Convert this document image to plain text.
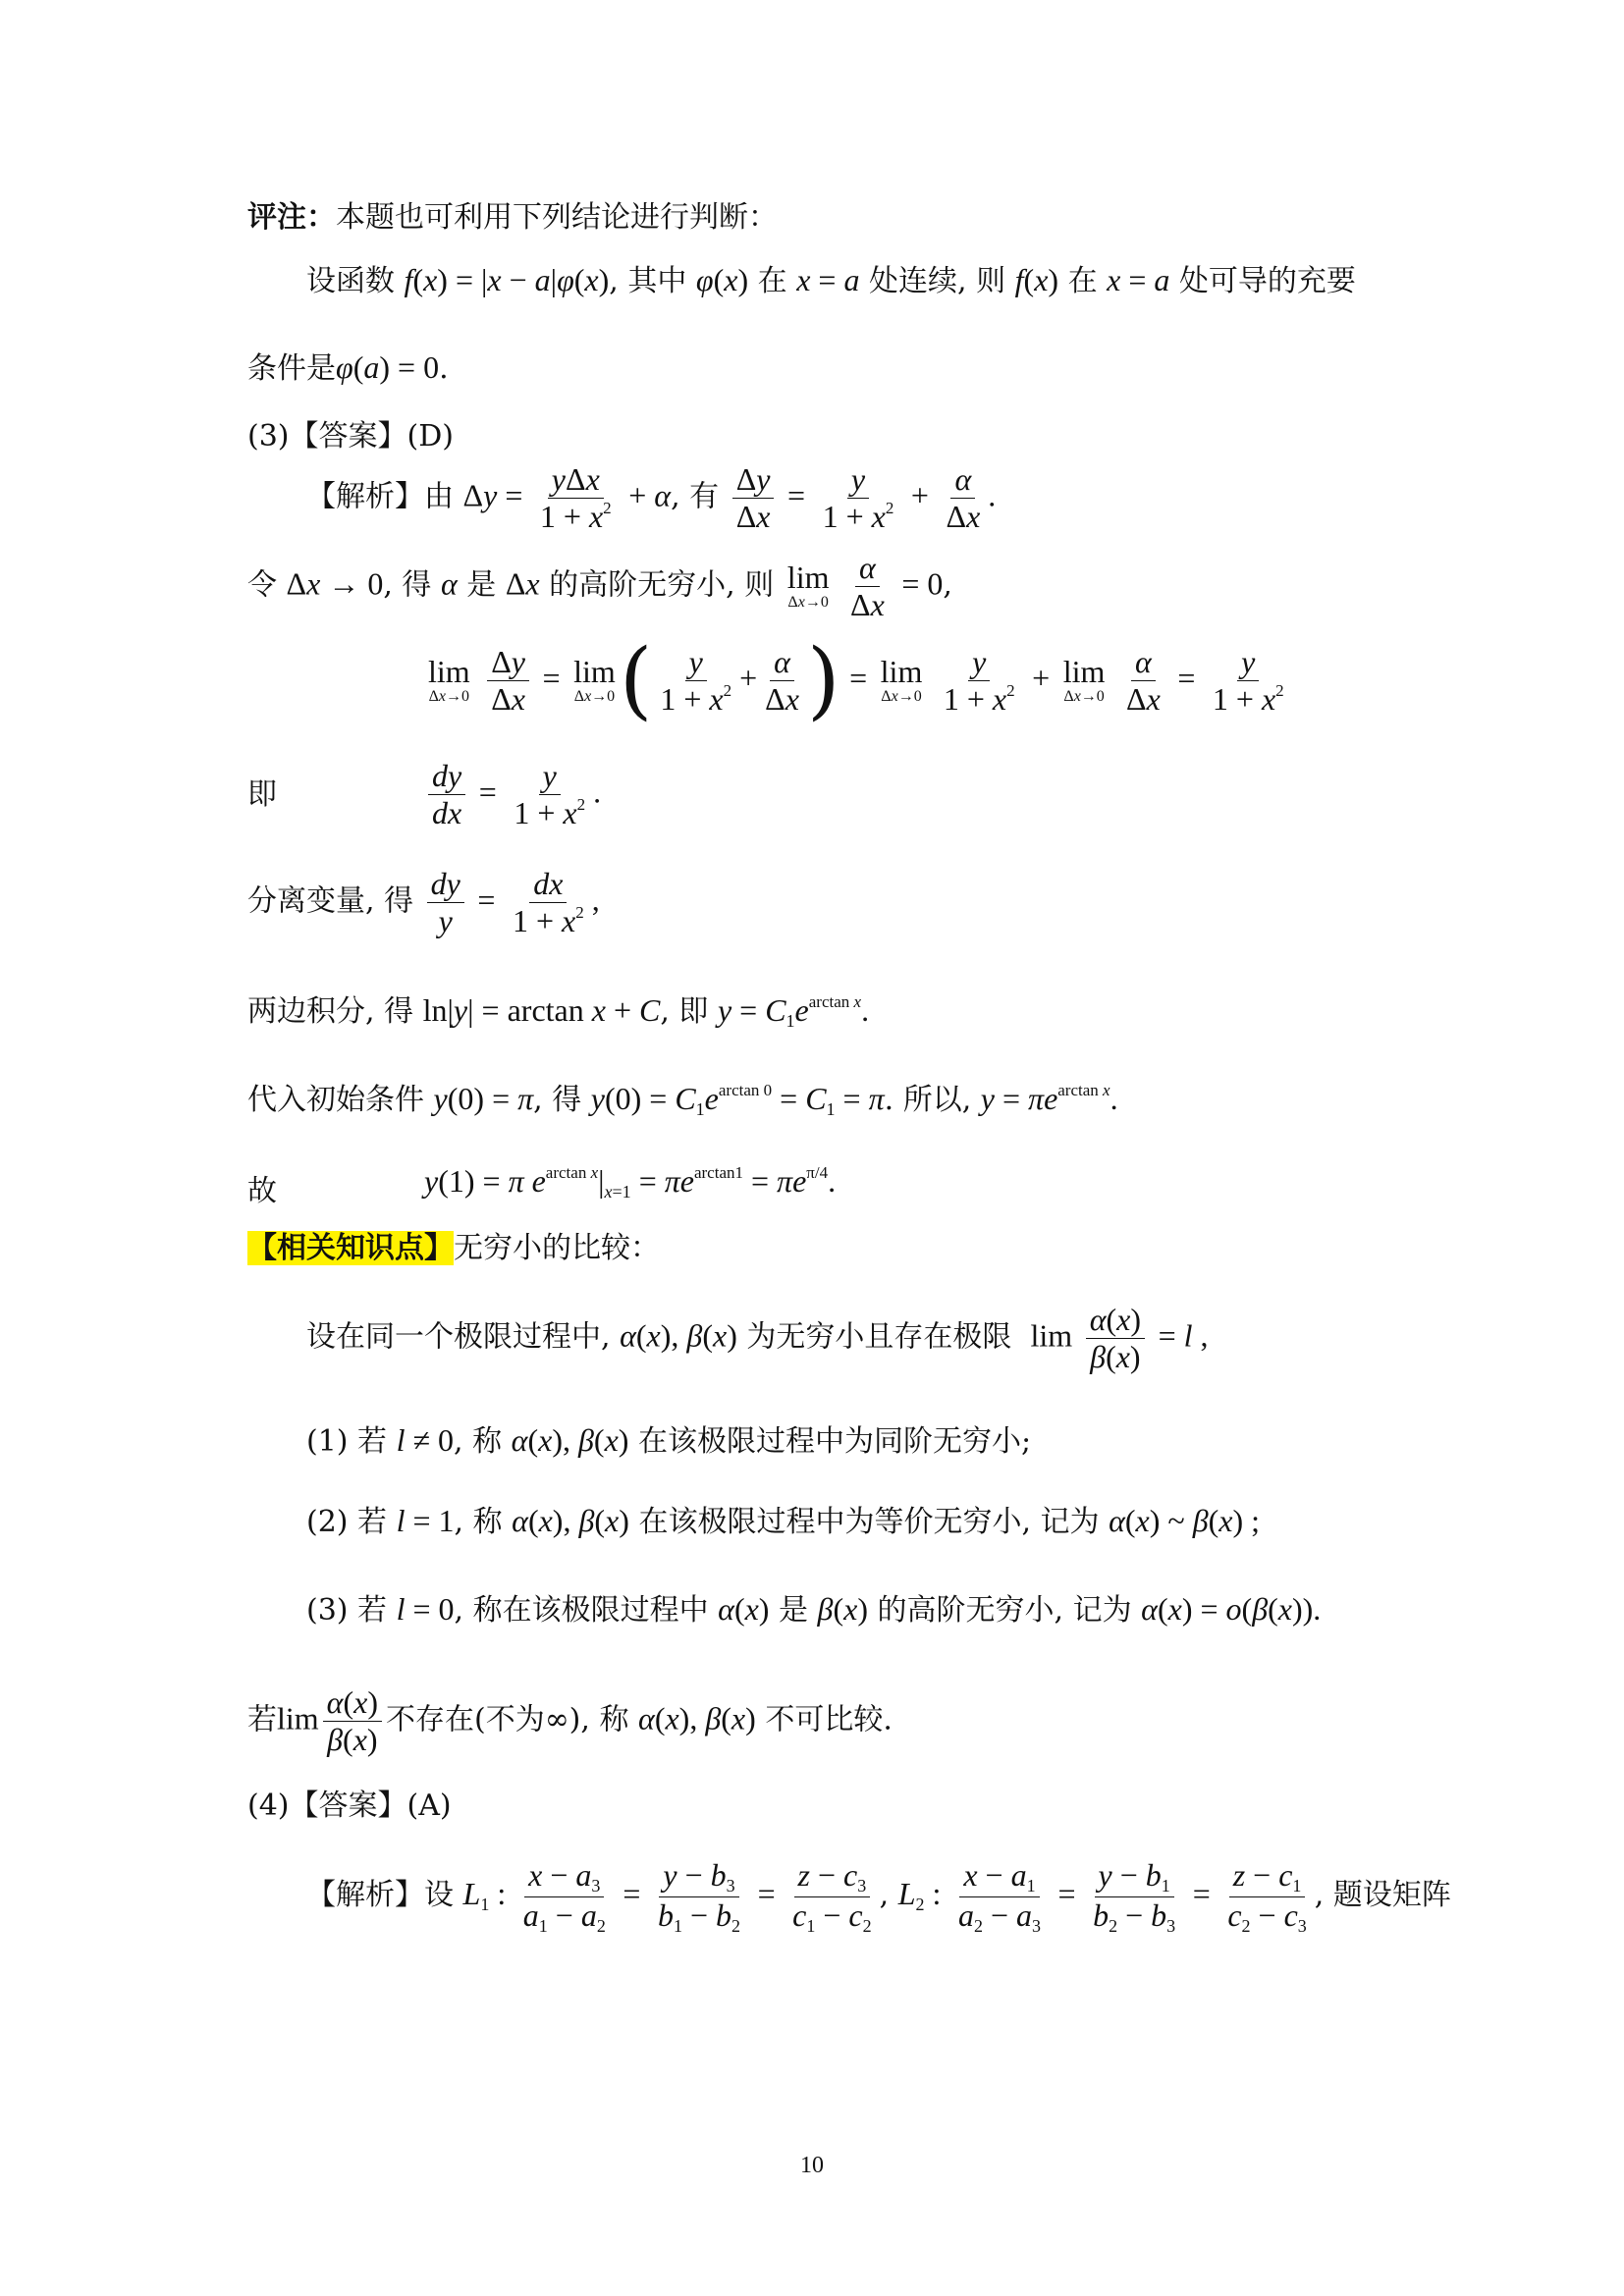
评注：本题也可利用下列结论进行判断：
设函数 f(x) = |x − a|φ(x), 其中 φ(x) 在 x = a 处连续, 则 f(x) 在 x = a 处可导的充要
条件是φ(a) = 0.
(3)【答案】(D)
【解析】由 $\Delta y = \frac{\text{yΔx}}{1 + x^2} + \alpha$, 有 $\frac{\Delta y}{\Delta x} = \frac{y}{1 + x^2} + \frac{\alpha}{\Delta x}$ .
令 Δx → 0, 得 α 是 Δx 的高阶无穷小, 则 lim
Δx→0
$\frac{\alpha}{\Delta x} = 0$,
lim
Δx→0
$\frac{\Delta y}{\Delta x} = \lim$
Δx→0 ( $\frac{y}{1 + x^2} + \frac{\alpha}{\Delta x}$ ) = lim
Δx→0
$\frac{y}{1 + x^2} + \lim$
Δx→0
$\frac{\alpha}{\Delta x} = \frac{y}{1 + x^2}$
即	$\frac{dy}{dx} = \frac{y}{1 + x^2}$ .
分离变量, 得 $\frac{dy}{y} = \frac{dx}{1 + x^2}$ ,
两边积分, 得 ln|y| = arctan x + C, 即 $y = C_1e^{arctan x}$.
代入初始条件 y(0) = π, 得 $y(0) = C_1e^{arctan 0} = C_1 = \pi$. 所以, $y = \pi e^{arctan x}$.
故	y(1) = π $e^{arctan x}|_{x=1} = \pi e^{arctan1} = \pi e^{\pi/4}$.
【相关知识点】无穷小的比较：
设在同一个极限过程中, α(x), β(x) 为无穷小且存在极限 $\lim \frac{\alpha(x)}{\beta(x)} = l$ ,
(1) 若 l ≠ 0, 称 α(x), β(x) 在该极限过程中为同阶无穷小;
(2) 若 l = 1, 称 α(x), β(x) 在该极限过程中为等价无穷小, 记为 α(x) ~ β(x) ;
(3) 若 l = 0, 称在该极限过程中 α(x) 是 β(x) 的高阶无穷小, 记为 α(x) = o(β(x)).
若$\lim \frac{\alpha(x)}{\beta(x)}$ 不存在(不为∞), 称 α(x), β(x) 不可比较.
(4)【答案】(A)
【解析】设 $L_1$ : $\frac{x - a_3}{a_1 - a_2} = \frac{y - b_3}{b_1 - b_2} = \frac{z - c_3}{c_1 - c_2}$ , $L_2$ : $\frac{x - a_1}{a_2 - a_3} = \frac{y - b_1}{b_2 - b_3} = \frac{z - c_1}{c_2 - c_3}$ , 题设矩阵
10
